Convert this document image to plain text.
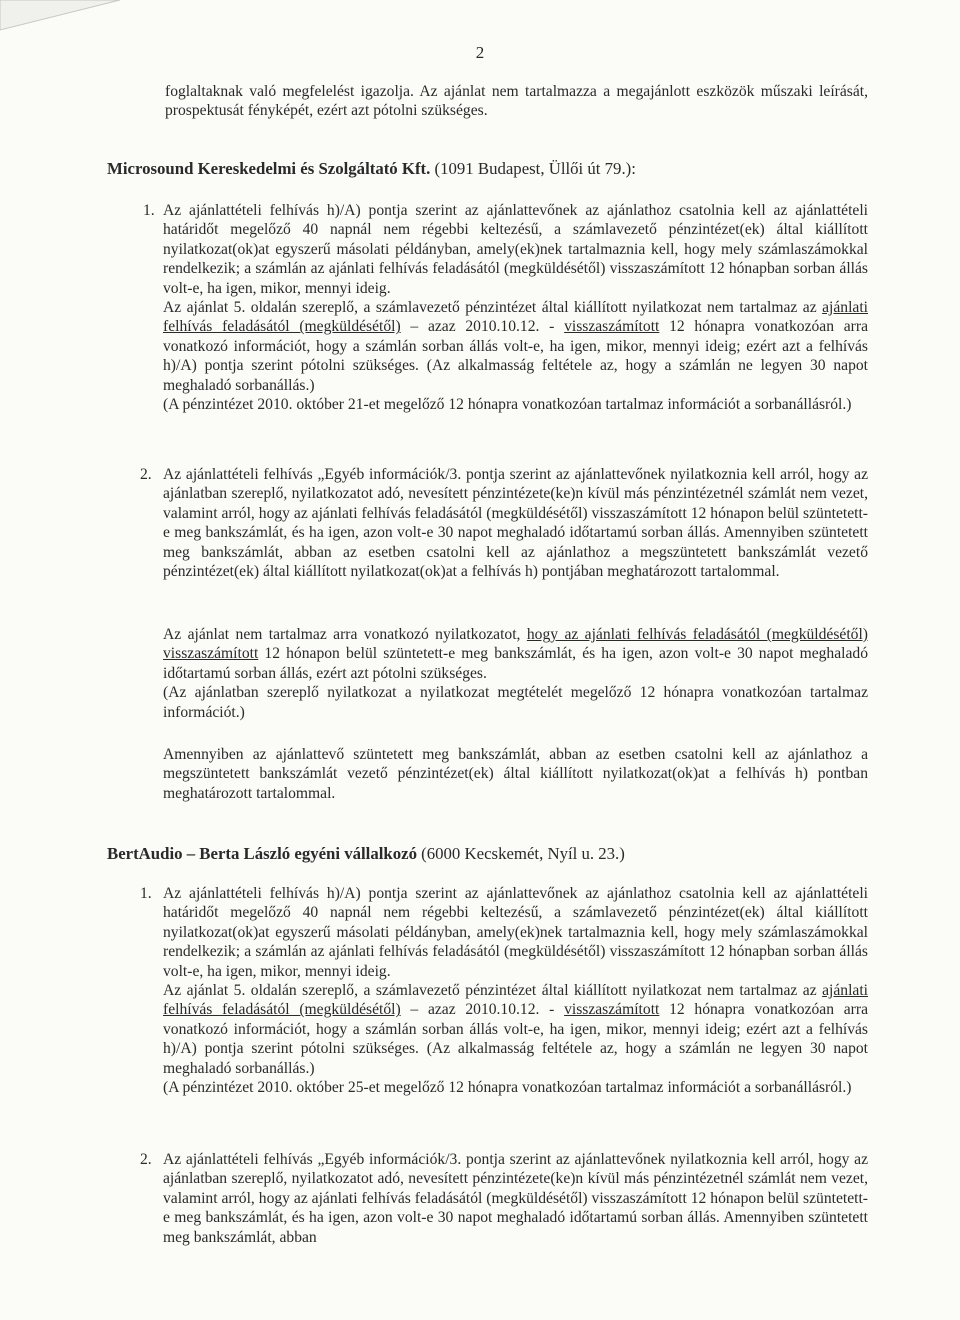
2
foglaltaknak való megfelelést igazolja. Az ajánlat nem tartalmazza a megajánlott eszközök műszaki leírását, prospektusát fényképét, ezért azt pótolni szükséges.
Microsound Kereskedelmi és Szolgáltató Kft. (1091 Budapest, Üllői út 79.):
1. Az ajánlattételi felhívás h)/A) pontja szerint az ajánlattevőnek az ajánlathoz csatolnia kell az ajánlattételi határidőt megelőző 40 napnál nem régebbi keltezésű, a számlavezető pénzintézet(ek) által kiállított nyilatkozat(ok)at egyszerű másolati példányban, amely(ek)nek tartalmaznia kell, hogy mely számlaszámokkal rendelkezik; a számlán az ajánlati felhívás feladásától (megküldésétől) visszaszámított 12 hónapban sorban állás volt-e, ha igen, mikor, mennyi ideig.
Az ajánlat 5. oldalán szereplő, a számlavezető pénzintézet által kiállított nyilatkozat nem tartalmaz az ajánlati felhívás feladásától (megküldésétől) – azaz 2010.10.12. - visszaszámított 12 hónapra vonatkozóan arra vonatkozó információt, hogy a számlán sorban állás volt-e, ha igen, mikor, mennyi ideig; ezért azt a felhívás h)/A) pontja szerint pótolni szükséges. (Az alkalmasság feltétele az, hogy a számlán ne legyen 30 napot meghaladó sorbanállás.)
(A pénzintézet 2010. október 21-et megelőző 12 hónapra vonatkozóan tartalmaz információt a sorbanállásról.)
2. Az ajánlattételi felhívás „Egyéb információk/3. pontja szerint az ajánlattevőnek nyilatkoznia kell arról, hogy az ajánlatban szereplő, nyilatkozatot adó, nevesített pénzintézete(ke)n kívül más pénzintézetnél számlát nem vezet, valamint arról, hogy az ajánlati felhívás feladásától (megküldésétől) visszaszámított 12 hónapon belül szüntetett-e meg bankszámlát, és ha igen, azon volt-e 30 napot meghaladó időtartamú sorban állás. Amennyiben szüntetett meg bankszámlát, abban az esetben csatolni kell az ajánlathoz a megszüntetett bankszámlát vezető pénzintézet(ek) által kiállított nyilatkozat(ok)at a felhívás h) pontjában meghatározott tartalommal.
Az ajánlat nem tartalmaz arra vonatkozó nyilatkozatot, hogy az ajánlati felhívás feladásától (megküldésétől) visszaszámított 12 hónapon belül szüntetett-e meg bankszámlát, és ha igen, azon volt-e 30 napot meghaladó időtartamú sorban állás, ezért azt pótolni szükséges.
(Az ajánlatban szereplő nyilatkozat a nyilatkozat megtételét megelőző 12 hónapra vonatkozóan tartalmaz információt.)
Amennyiben az ajánlattevő szüntetett meg bankszámlát, abban az esetben csatolni kell az ajánlathoz a megszüntetett bankszámlát vezető pénzintézet(ek) által kiállított nyilatkozat(ok)at a felhívás h) pontban meghatározott tartalommal.
BertAudio – Berta László egyéni vállalkozó (6000 Kecskemét, Nyíl u. 23.)
1. Az ajánlattételi felhívás h)/A) pontja szerint az ajánlattevőnek az ajánlathoz csatolnia kell az ajánlattételi határidőt megelőző 40 napnál nem régebbi keltezésű, a számlavezető pénzintézet(ek) által kiállított nyilatkozat(ok)at egyszerű másolati példányban, amely(ek)nek tartalmaznia kell, hogy mely számlaszámokkal rendelkezik; a számlán az ajánlati felhívás feladásától (megküldésétől) visszaszámított 12 hónapban sorban állás volt-e, ha igen, mikor, mennyi ideig.
Az ajánlat 5. oldalán szereplő, a számlavezető pénzintézet által kiállított nyilatkozat nem tartalmaz az ajánlati felhívás feladásától (megküldésétől) – azaz 2010.10.12. - visszaszámított 12 hónapra vonatkozóan arra vonatkozó információt, hogy a számlán sorban állás volt-e, ha igen, mikor, mennyi ideig; ezért azt a felhívás h)/A) pontja szerint pótolni szükséges. (Az alkalmasság feltétele az, hogy a számlán ne legyen 30 napot meghaladó sorbanállás.)
(A pénzintézet 2010. október 25-et megelőző 12 hónapra vonatkozóan tartalmaz információt a sorbanállásról.)
2. Az ajánlattételi felhívás „Egyéb információk/3. pontja szerint az ajánlattevőnek nyilatkoznia kell arról, hogy az ajánlatban szereplő, nyilatkozatot adó, nevesített pénzintézete(ke)n kívül más pénzintézetnél számlát nem vezet, valamint arról, hogy az ajánlati felhívás feladásától (megküldésétől) visszaszámított 12 hónapon belül szüntetett-e meg bankszámlát, és ha igen, azon volt-e 30 napot meghaladó időtartamú sorban állás. Amennyiben szüntetett meg bankszámlát, abban
